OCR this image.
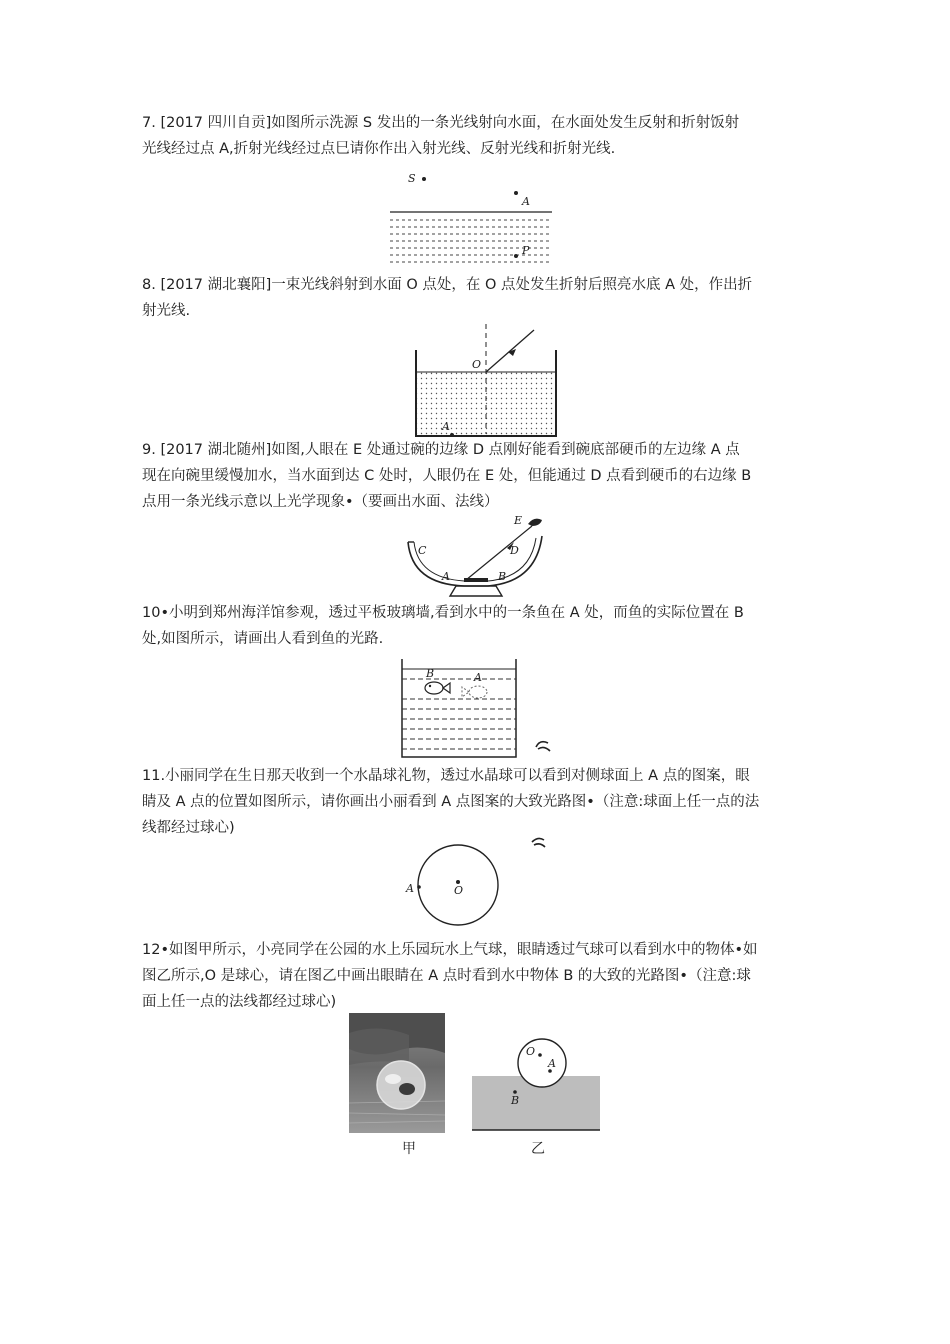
7. [2017 四川自贡]如图所示洗源 S 发出的一条光线射向水面，在水面处发生反射和折射饭射
光线经过点 A,折射光线经过点巳请你作出入射光线、反射光线和折射光线.
S
A
P
8. [2017 湖北襄阳]一束光线斜射到水面 O 点处，在 O 点处发生折射后照亮水底 A 处，作出折
射光线.
O
A
9. [2017 湖北随州]如图,人眼在 E 处通过碗的边缘 D 点刚好能看到碗底部硬币的左边缘 A 点
现在向碗里缓慢加水，当水面到达 C 处时，人眼仍在 E 处，但能通过 D 点看到硬币的右边缘 B
点用一条光线示意以上光学现象•（要画出水面、法线）
E
C	D
A	B
10•小明到郑州海洋馆参观，透过平板玻璃墙,看到水中的一条鱼在 A 处，而鱼的实际位置在 B
处,如图所示，请画出人看到鱼的光路.
B	A
11.小丽同学在生日那天收到一个水晶球礼物，透过水晶球可以看到对侧球面上 A 点的图案，眼
睛及 A 点的位置如图所示，请你画出小丽看到 A 点图案的大致光路图•（注意:球面上任一点的法
线都经过球心)
O
A
12•如图甲所示，小亮同学在公园的水上乐园玩水上气球，眼睛透过气球可以看到水中的物体•如
图乙所示,O 是球心，请在图乙中画出眼睛在 A 点时看到水中物体 B 的大致的光路图•（注意:球
面上任一点的法线都经过球心)
甲
O
A
B
乙
